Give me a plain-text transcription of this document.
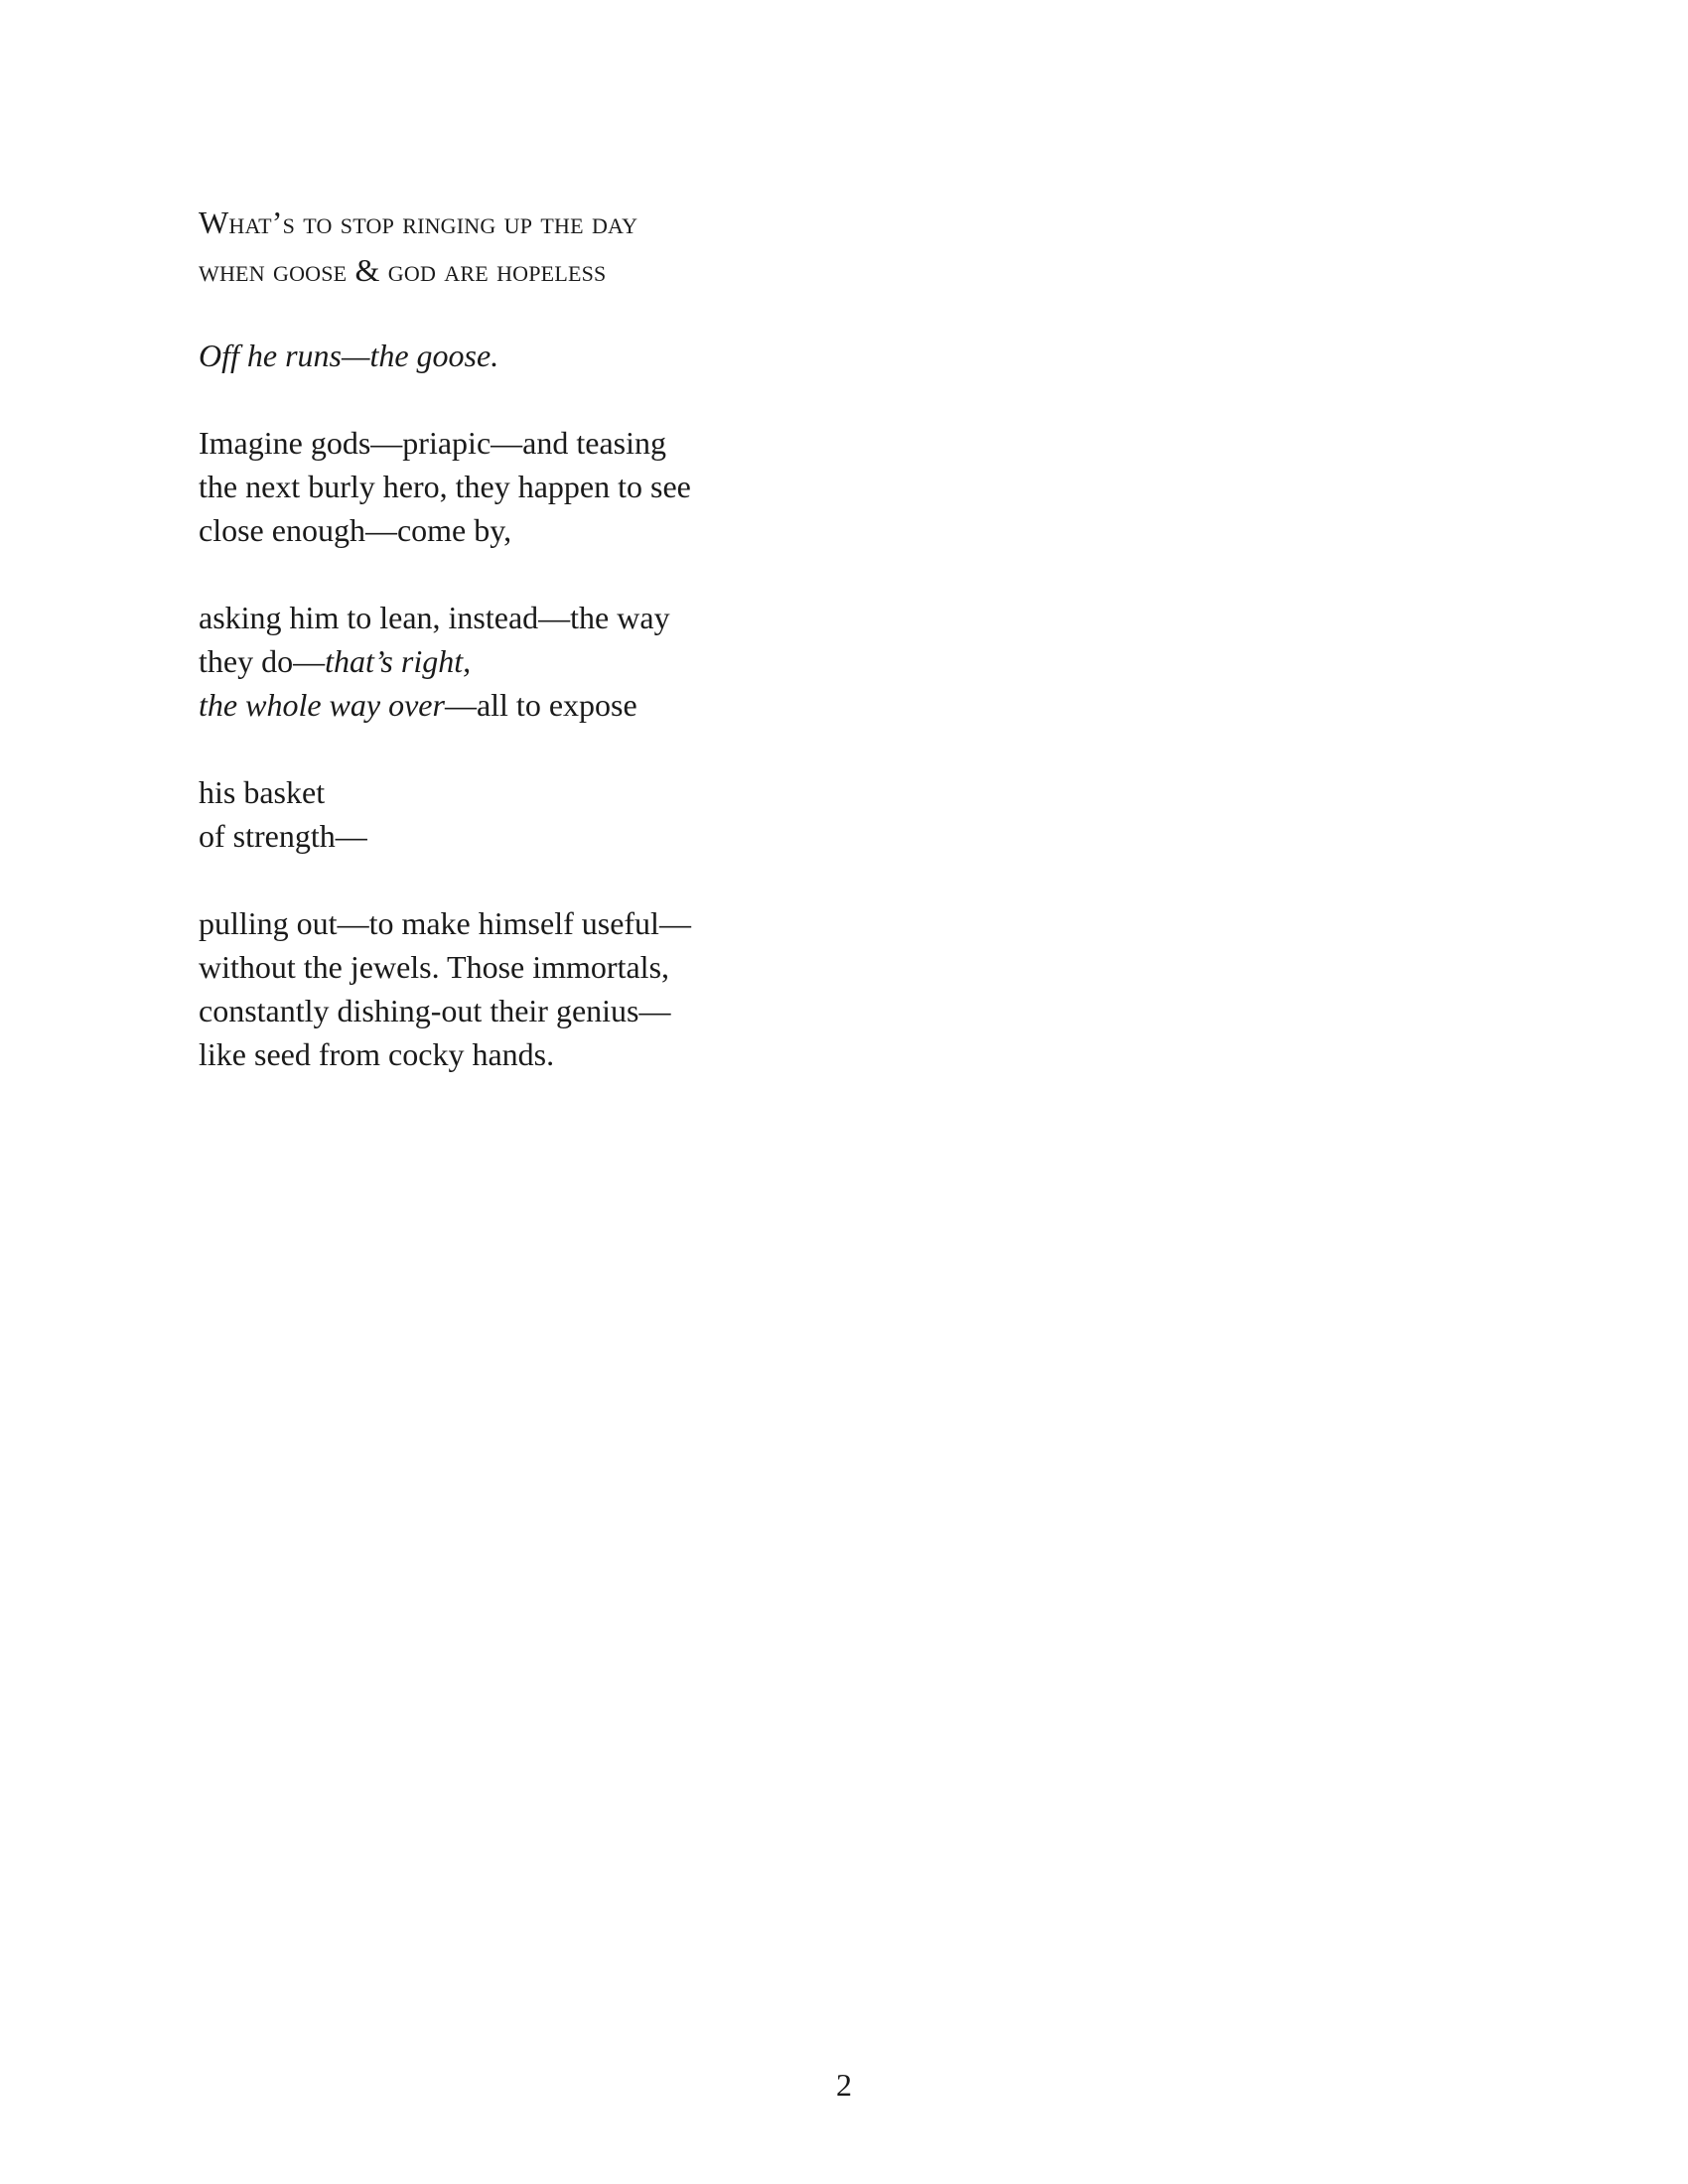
What’s to stop ringing up the day
when goose & god are hopeless

Off he runs—the goose.

Imagine gods—priapic—and teasing
the next burly hero, they happen to see
close enough—come by,

asking him to lean, instead—the way
they do—that’s right,
the whole way over—all to expose

his basket
of strength—

pulling out—to make himself useful—
without the jewels. Those immortals,
constantly dishing-out their genius—
like seed from cocky hands.

2
